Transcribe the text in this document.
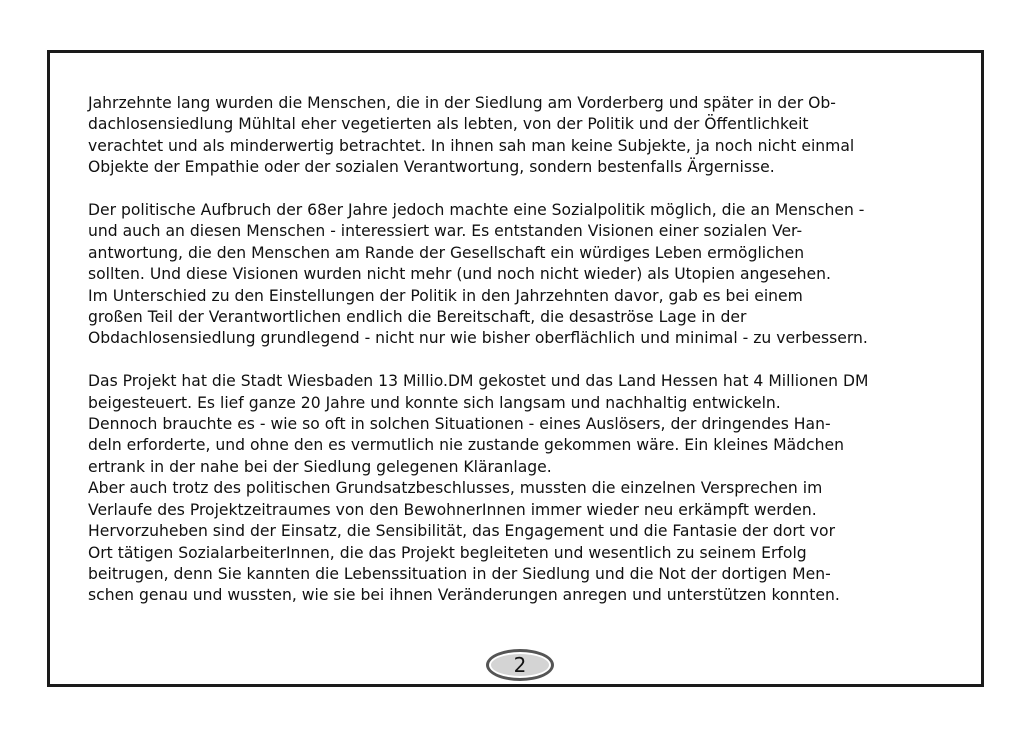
Jahrzehnte lang wurden die Menschen, die in der Siedlung am Vorderberg und später in der Ob-
dachlosensiedlung Mühltal eher vegetierten als lebten, von der Politik und der Öffentlichkeit
verachtet und als minderwertig betrachtet. In ihnen sah man keine Subjekte, ja noch nicht einmal
Objekte der Empathie oder der sozialen Verantwortung, sondern bestenfalls Ärgernisse.

Der politische Aufbruch der 68er Jahre jedoch machte eine Sozialpolitik möglich, die an Menschen -
und auch an diesen Menschen - interessiert war. Es entstanden Visionen einer sozialen Ver-
antwortung, die den Menschen am Rande der Gesellschaft ein würdiges Leben ermöglichen
sollten. Und diese Visionen wurden nicht mehr (und noch nicht wieder) als Utopien angesehen.
Im Unterschied zu den Einstellungen der Politik in den Jahrzehnten davor, gab es bei einem
großen Teil der Verantwortlichen endlich die Bereitschaft, die desaströse Lage in der
Obdachlosensiedlung grundlegend - nicht nur wie bisher oberflächlich und minimal - zu verbessern.

Das Projekt hat die Stadt Wiesbaden 13 Millio.DM gekostet und das Land Hessen hat 4 Millionen DM
beigesteuert. Es lief ganze 20 Jahre und konnte sich langsam und nachhaltig entwickeln.
Dennoch brauchte es - wie so oft in solchen Situationen - eines Auslösers, der dringendes Han-
deln erforderte, und ohne den es vermutlich nie zustande gekommen wäre. Ein kleines Mädchen
ertrank in der nahe bei der Siedlung gelegenen Kläranlage.
Aber auch trotz des politischen Grundsatzbeschlusses, mussten die einzelnen Versprechen im
Verlaufe des Projektzeitraumes von den BewohnerInnen immer wieder neu erkämpft werden.
Hervorzuheben sind der Einsatz, die Sensibilität, das Engagement und die Fantasie der dort vor
Ort tätigen SozialarbeiterInnen, die das Projekt begleiteten und wesentlich zu seinem Erfolg
beitrugen, denn Sie kannten die Lebenssituation in der Siedlung und die Not der dortigen Men-
schen genau und wussten, wie sie bei ihnen Veränderungen anregen und unterstützen konnten.

2
